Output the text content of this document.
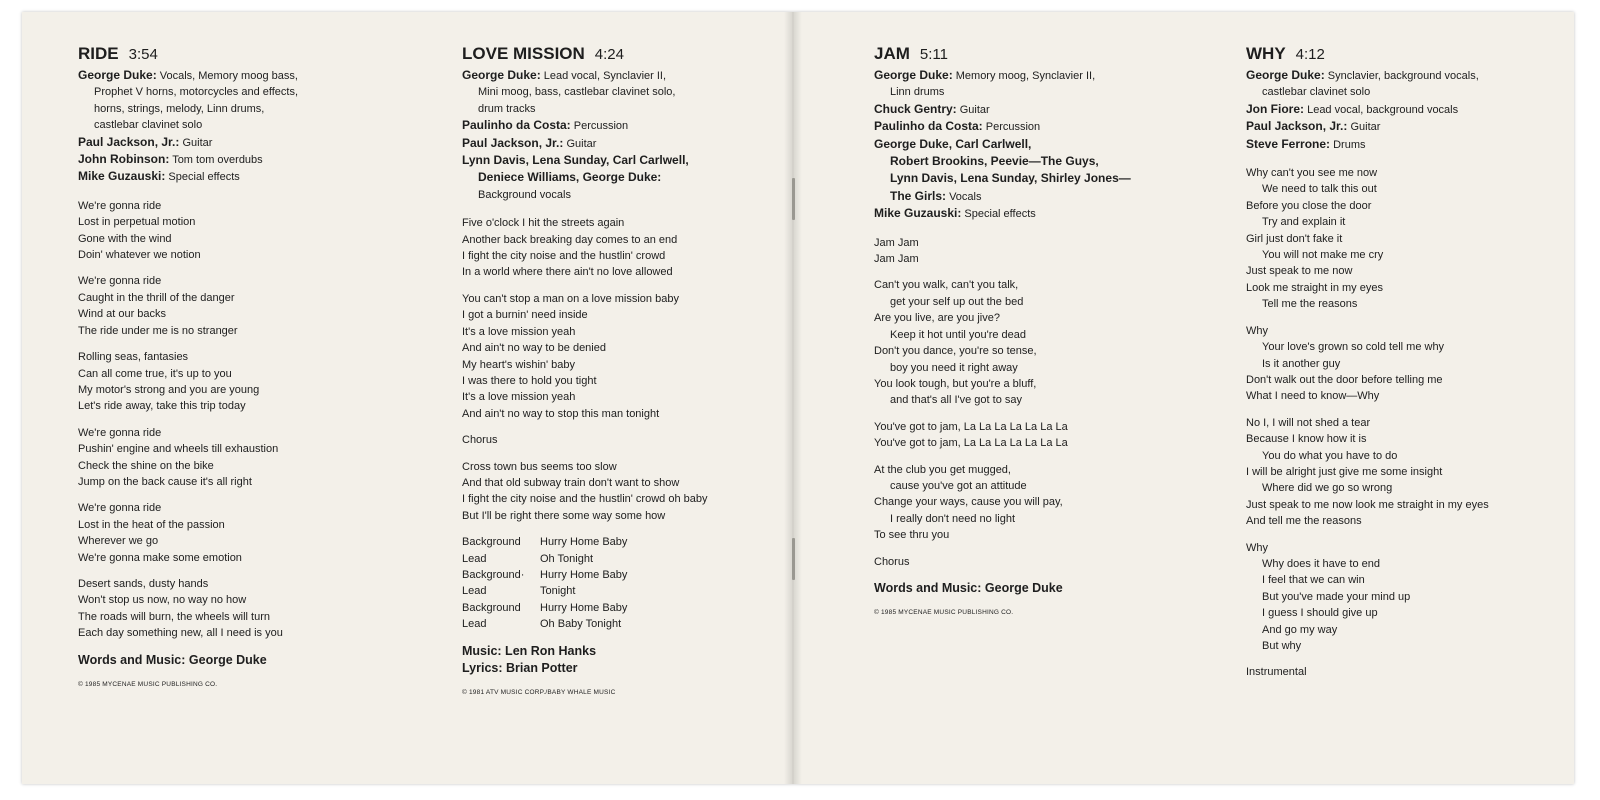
RIDE 3:54
George Duke: Vocals, Memory moog bass,
Prophet V horns, motorcycles and effects,
horns, strings, melody, Linn drums,
castlebar clavinet solo
Paul Jackson, Jr.: Guitar
John Robinson: Tom tom overdubs
Mike Guzauski: Special effects
We're gonna ride
Lost in perpetual motion
Gone with the wind
Doin' whatever we notion
We're gonna ride
Caught in the thrill of the danger
Wind at our backs
The ride under me is no stranger
Rolling seas, fantasies
Can all come true, it's up to you
My motor's strong and you are young
Let's ride away, take this trip today
We're gonna ride
Pushin' engine and wheels till exhaustion
Check the shine on the bike
Jump on the back cause it's all right
We're gonna ride
Lost in the heat of the passion
Wherever we go
We're gonna make some emotion
Desert sands, dusty hands
Won't stop us now, no way no how
The roads will burn, the wheels will turn
Each day something new, all I need is you
Words and Music: George Duke
© 1985 MYCENAE MUSIC PUBLISHING CO.
LOVE MISSION 4:24
George Duke: Lead vocal, Synclavier II,
Mini moog, bass, castlebar clavinet solo,
drum tracks
Paulinho da Costa: Percussion
Paul Jackson, Jr.: Guitar
Lynn Davis, Lena Sunday, Carl Carlwell,
Deniece Williams, George Duke:
Background vocals
Five o'clock I hit the streets again
Another back breaking day comes to an end
I fight the city noise and the hustlin' crowd
In a world where there ain't no love allowed
You can't stop a man on a love mission baby
I got a burnin' need inside
It's a love mission yeah
And ain't no way to be denied
My heart's wishin' baby
I was there to hold you tight
It's a love mission yeah
And ain't no way to stop this man tonight
Chorus
Cross town bus seems too slow
And that old subway train don't want to show
I fight the city noise and the hustlin' crowd oh baby
But I'll be right there some way some how
Background	Hurry Home Baby
Lead	Oh Tonight
Background·	Hurry Home Baby
Lead	Tonight
Background	Hurry Home Baby
Lead	Oh Baby Tonight
Music: Len Ron Hanks
Lyrics: Brian Potter
© 1981 ATV MUSIC CORP./BABY WHALE MUSIC
JAM 5:11
George Duke: Memory moog, Synclavier II,
Linn drums
Chuck Gentry: Guitar
Paulinho da Costa: Percussion
George Duke, Carl Carlwell,
Robert Brookins, Peevie—The Guys,
Lynn Davis, Lena Sunday, Shirley Jones—
The Girls: Vocals
Mike Guzauski: Special effects
Jam Jam
Jam Jam
Can't you walk, can't you talk,
get your self up out the bed
Are you live, are you jive?
Keep it hot until you're dead
Don't you dance, you're so tense,
boy you need it right away
You look tough, but you're a bluff,
and that's all I've got to say
You've got to jam, La La La La La La La
You've got to jam, La La La La La La La
At the club you get mugged,
cause you've got an attitude
Change your ways, cause you will pay,
I really don't need no light
To see thru you
Chorus
Words and Music: George Duke
© 1985 MYCENAE MUSIC PUBLISHING CO.
WHY 4:12
George Duke: Synclavier, background vocals,
castlebar clavinet solo
Jon Fiore: Lead vocal, background vocals
Paul Jackson, Jr.: Guitar
Steve Ferrone: Drums
Why can't you see me now
We need to talk this out
Before you close the door
Try and explain it
Girl just don't fake it
You will not make me cry
Just speak to me now
Look me straight in my eyes
Tell me the reasons
Why
Your love's grown so cold tell me why
Is it another guy
Don't walk out the door before telling me
What I need to know—Why
No I, I will not shed a tear
Because I know how it is
You do what you have to do
I will be alright just give me some insight
Where did we go so wrong
Just speak to me now look me straight in my eyes
And tell me the reasons
Why
Why does it have to end
I feel that we can win
But you've made your mind up
I guess I should give up
And go my way
But why
Instrumental
